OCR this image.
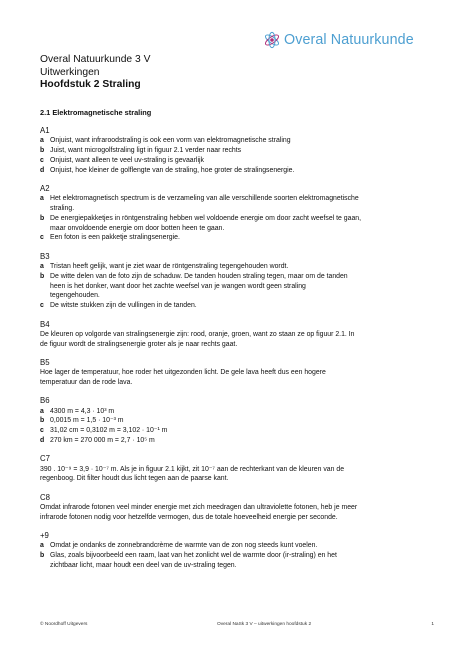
Overal Natuurkunde
Overal Natuurkunde 3 V
Uitwerkingen
Hoofdstuk 2 Straling
2.1 Elektromagnetische straling
A1
a Onjuist, want infraroodstraling is ook een vorm van elektromagnetische straling
b Juist, want microgolfstraling ligt in figuur 2.1 verder naar rechts
c Onjuist, want alleen te veel uv-straling is gevaarlijk
d Onjuist, hoe kleiner de golflengte van de straling, hoe groter de stralingsenergie.
A2
a Het elektromagnetisch spectrum is de verzameling van alle verschillende soorten elektromagnetische
straling.
b De energiepakketjes in röntgenstraling hebben wel voldoende energie om door zacht weefsel te gaan,
maar onvoldoende energie om door botten heen te gaan.
c Een foton is een pakketje stralingsenergie.
B3
a Tristan heeft gelijk, want je ziet waar de röntgenstraling tegengehouden wordt.
b De witte delen van de foto zijn de schaduw. De tanden houden straling tegen, maar om de tanden
heen is het donker, want door het zachte weefsel van je wangen wordt geen straling
tegengehouden.
c De witste stukken zijn de vullingen in de tanden.
B4
De kleuren op volgorde van stralingsenergie zijn: rood, oranje, groen, want zo staan ze op figuur 2.1. In
de figuur wordt de stralingsenergie groter als je naar rechts gaat.
B5
Hoe lager de temperatuur, hoe roder het uitgezonden licht. De gele lava heeft dus een hogere
temperatuur dan de rode lava.
B6
a 4300 m = 4,3 · 10³ m
b 0,0015 m = 1,5 · 10⁻³ m
c 31,02 cm = 0,3102 m = 3,102 · 10⁻¹ m
d 270 km = 270 000 m = 2,7 · 10⁵ m
C7
390 . 10⁻⁹ = 3,9 · 10⁻⁷ m. Als je in figuur 2.1 kijkt, zit 10⁻⁷ aan de rechterkant van de kleuren van de
regenboog. Dit filter houdt dus licht tegen aan de paarse kant.
C8
Omdat infrarode fotonen veel minder energie met zich meedragen dan ultraviolette fotonen, heb je meer
infrarode fotonen nodig voor hetzelfde vermogen, dus de totale hoeveelheid energie per seconde.
+9
a Omdat je ondanks de zonnebrandcrème de warmte van de zon nog steeds kunt voelen.
b Glas, zoals bijvoorbeeld een raam, laat van het zonlicht wel de warmte door (ir-straling) en het
zichtbaar licht, maar houdt een deel van de uv-straling tegen.
© Noordhoff Uitgevers	Overal NaSk 3 V – uitwerkingen hoofdstuk 2	1
